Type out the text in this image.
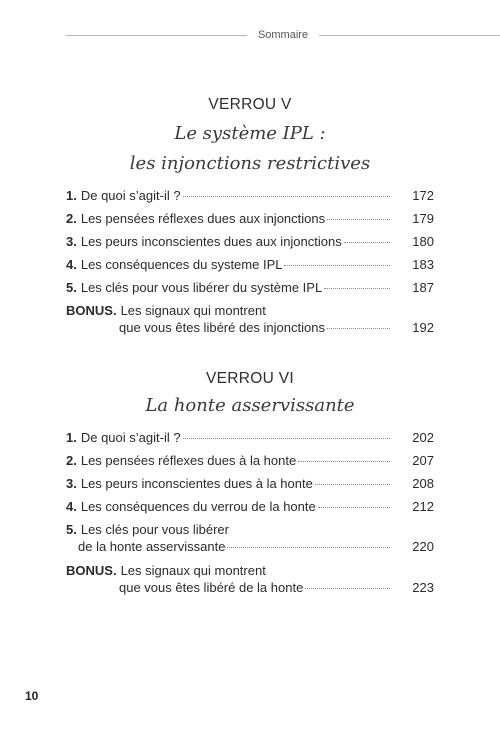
Sommaire
VERROU V
Le système IPL :
les injonctions restrictives
1. De quoi s’agit-il ?	172
2. Les pensées réflexes dues aux injonctions	179
3. Les peurs inconscientes dues aux injonctions	180
4. Les conséquences du systeme IPL	183
5. Les clés pour vous libérer du système IPL	187
BONUS. Les signaux qui montrent
que vous êtes libéré des injonctions	192
VERROU VI
La honte asservissante
1. De quoi s’agit-il ?	202
2. Les pensées réflexes dues à la honte	207
3. Les peurs inconscientes dues à la honte	208
4. Les conséquences du verrou de la honte	212
5. Les clés pour vous libérer
de la honte asservissante	220
BONUS. Les signaux qui montrent
que vous êtes libéré de la honte	223
10
